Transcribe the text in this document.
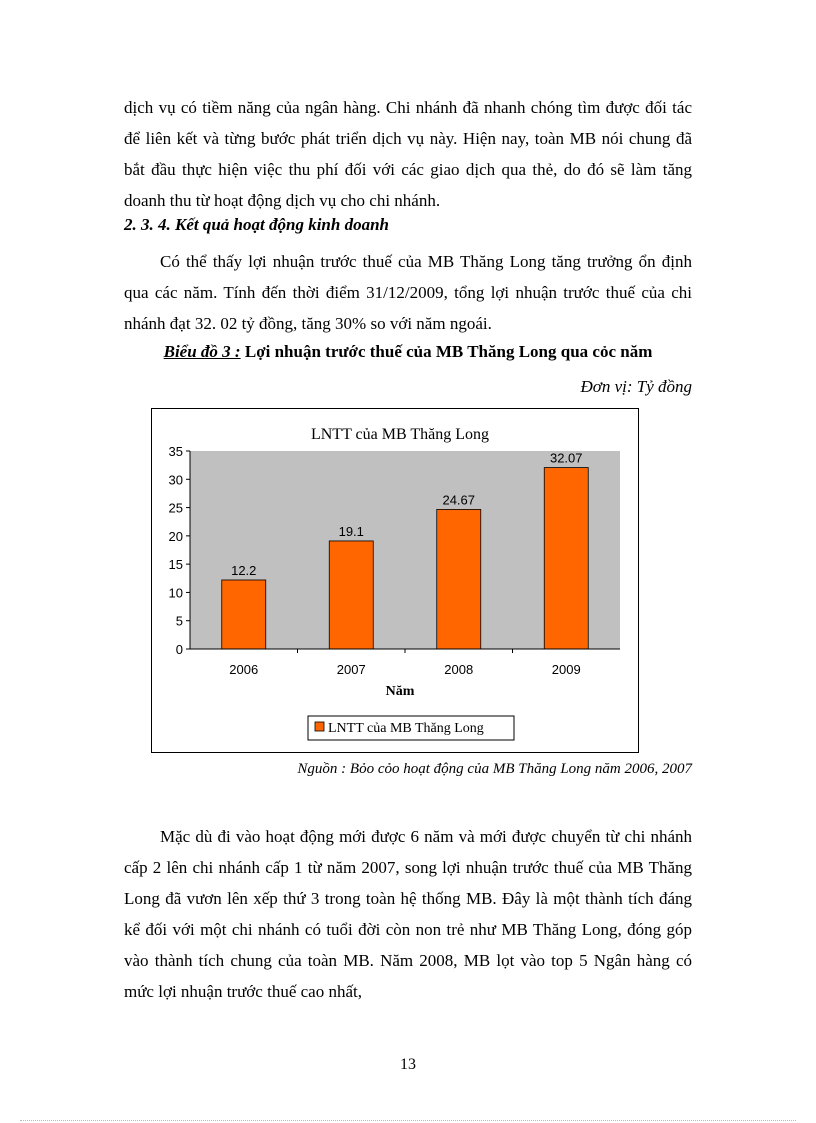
dịch vụ có tiềm năng của ngân hàng. Chi nhánh đã nhanh chóng tìm được đối tác để liên kết và từng bước phát triển dịch vụ này. Hiện nay, toàn MB nói chung đã bắt đầu thực hiện việc thu phí đối với các giao dịch qua thẻ, do đó sẽ làm tăng doanh thu từ hoạt động dịch vụ cho chi nhánh.

2. 3. 4. Kết quả hoạt động kinh doanh

Có thể thấy lợi nhuận trước thuế của MB Thăng Long tăng trưởng ổn định qua các năm. Tính đến thời điểm 31/12/2009, tổng lợi nhuận trước thuế của chi nhánh đạt 32. 02 tỷ đồng, tăng 30% so với năm ngoái.

Biểu đồ 3 : Lợi nhuận trước thuế của MB Thăng Long qua cỏc năm

Đơn vị: Tỷ đồng

12.2
19.1
24.67
32.07
0
5
10
15
20
25
30
35
2006	2007	2008	2009
Năm
LNTT của MB Thăng Long
LNTT của MB Thăng Long

Nguồn : Bỏo cỏo hoạt động của MB Thăng Long năm 2006, 2007

Mặc dù đi vào hoạt động mới được 6 năm và mới được chuyển từ chi nhánh cấp 2 lên chi nhánh cấp 1 từ năm 2007, song lợi nhuận trước thuế của MB Thăng Long đã vươn lên xếp thứ 3 trong toàn hệ thống MB. Đây là một thành tích đáng kể đối với một chi nhánh có tuổi đời còn non trẻ như MB Thăng Long, đóng góp vào thành tích chung của toàn MB. Năm 2008, MB lọt vào top 5 Ngân hàng có mức lợi nhuận trước thuế cao nhất,

13
